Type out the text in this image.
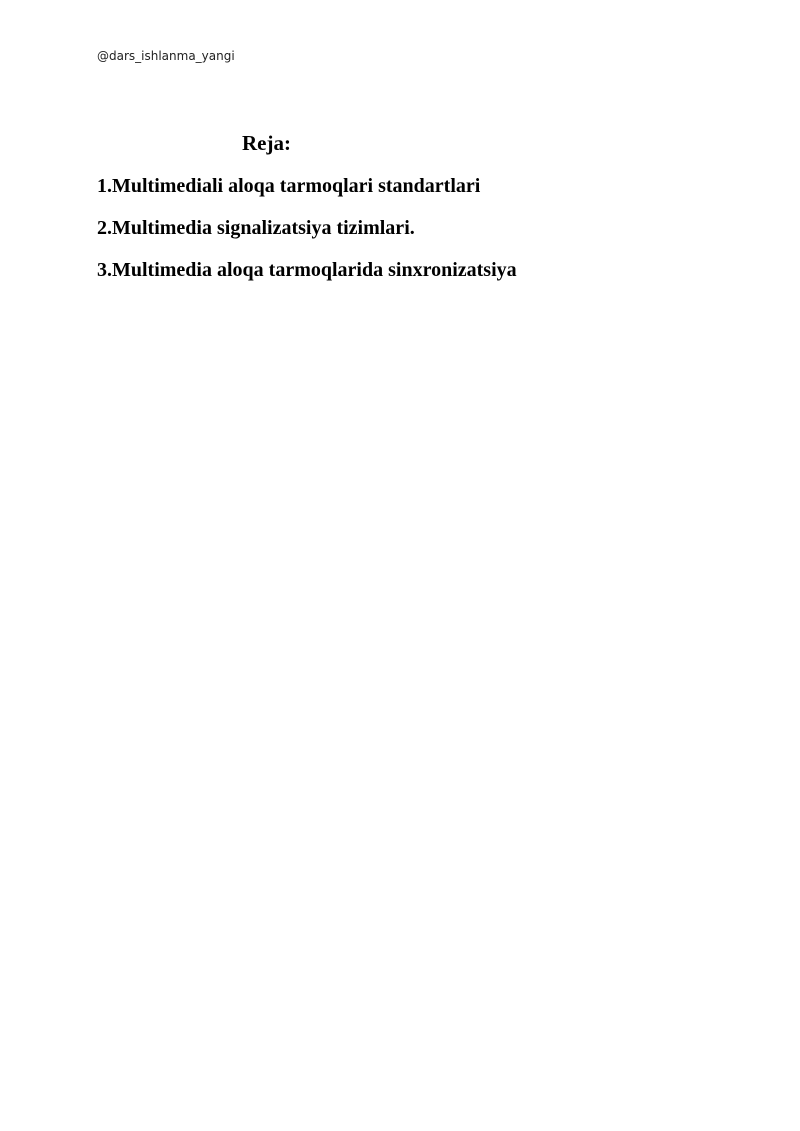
@dars_ishlanma_yangi
Reja:
1.Multimediali aloqa tarmoqlari standartlari
2.Multimedia signalizatsiya tizimlari.
3.Multimedia aloqa tarmoqlarida sinxronizatsiya
